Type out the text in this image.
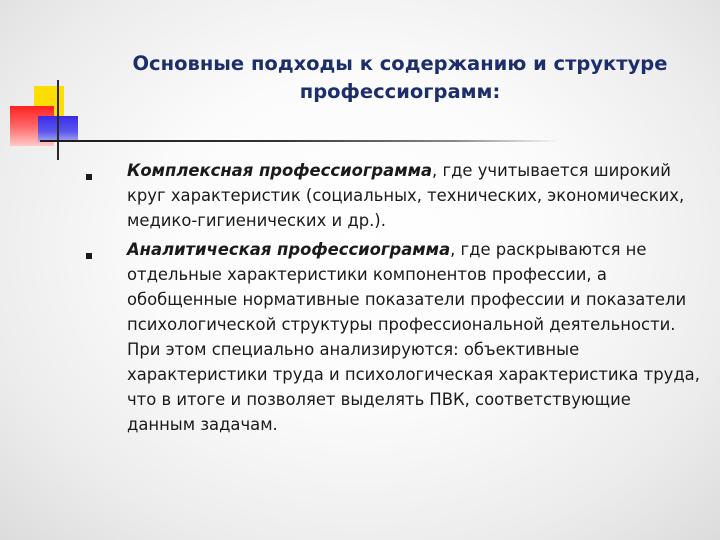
Основные подходы к содержанию и структуре
профессиограмм:
Комплексная профессиограмма, где учитывается широкий круг характеристик (социальных, технических, экономических, медико-гигиенических и др.).
Аналитическая профессиограмма, где раскрываются не отдельные характеристики компонентов профессии, а обобщенные нормативные показатели профессии и показатели психологической структуры профессиональной деятельности. При этом специально анализируются: объективные характеристики труда и психологическая характеристика труда, что в итоге и позволяет выделять ПВК, соответствующие данным задачам.
